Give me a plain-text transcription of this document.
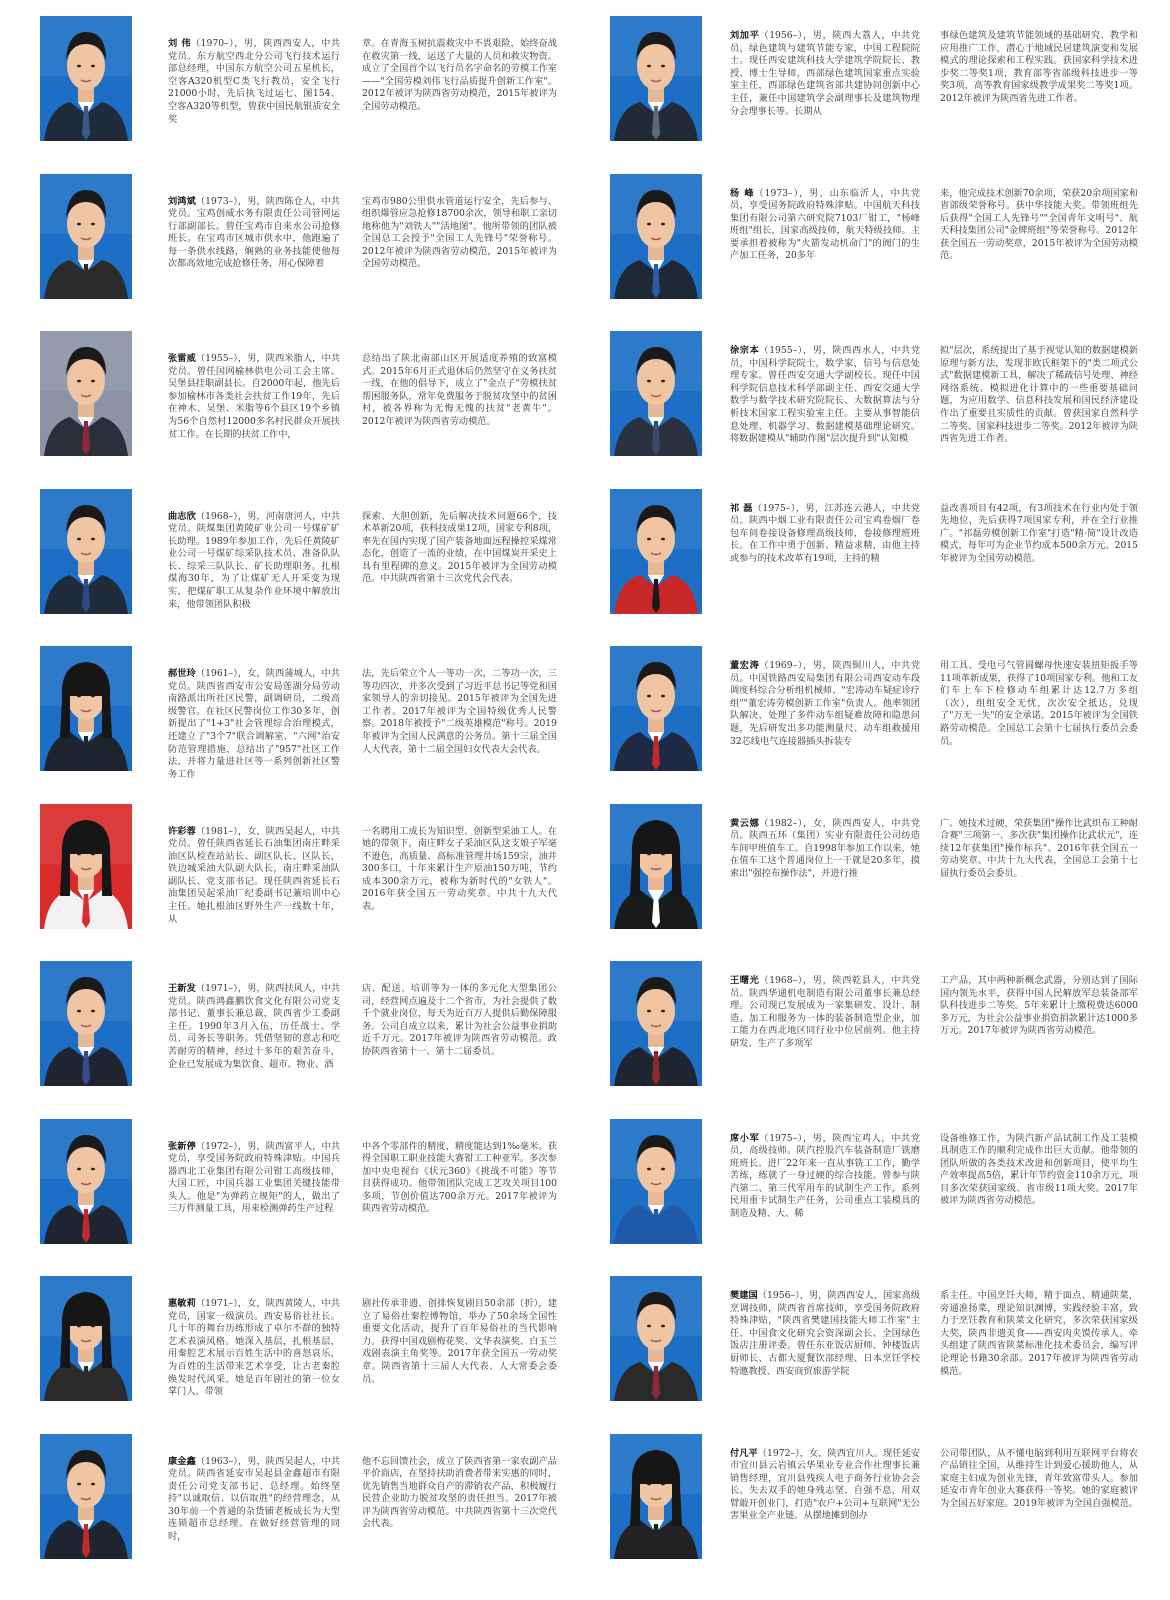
刘 伟（1970–），男，陕西西安人，中共党员。东方航空西北分公司飞行技术运行部总经理，中国东方航空公司五星机长，空客A320机型C类飞行教员，安全飞行21000小时，先后执飞过运七、图154、空客A320等机型，曾获中国民航银质安全奖
章。在青海玉树抗震救灾中不畏艰险，始终奋战在救灾第一线，运送了大量的人员和救灾物资。成立了全国首个以飞行员名字命名的劳模工作室——"全国劳模刘伟飞行品质提升创新工作室"。2012年被评为陕西省劳动模范，2015年被评为全国劳动模范。
刘加平（1956–），男，陕西大荔人，中共党员，绿色建筑与建筑节能专家，中国工程院院士。现任西安建筑科技大学建筑学院院长、教授、博士生导师，西部绿色建筑国家重点实验室主任，西部绿色建筑省部共建协同创新中心主任，兼任中国建筑学会副理事长及建筑物理分会理事长等。长期从
事绿色建筑及建筑节能领域的基础研究、教学和应用推广工作，潜心于地域民居建筑演变和发展模式的理论探索和工程实践。获国家科学技术进步奖二等奖1项，教育部等省部级科技进步一等奖3项，高等教育国家级教学成果奖二等奖1项。2012年被评为陕西省先进工作者。
刘鸿斌（1973–），男，陕西陈仓人，中共党员。宝鸡创威水务有限责任公司管网运行部副部长。曾任宝鸡市自来水公司抢修班长。在宝鸡市区城市供水中，他跑遍了每一条供水线路，娴熟的业务技能使他每次都高效地完成抢修任务，用心保障着
宝鸡市980公里供水管道运行安全，先后参与、组织爆管应急抢修18700余次，领导和职工亲切地称他为"刘铁人""活地图"。他所带领的团队被全国总工会授予"全国工人先锋号"荣誉称号。2012年被评为陕西省劳动模范，2015年被评为全国劳动模范。
杨 峰（1973–），男，山东临沂人，中共党员，享受国务院政府特殊津贴。中国航天科技集团有限公司第六研究院7103厂钳工，"杨峰班组"组长，国家高级技师，航天特级技师。主要承担着被称为"火箭发动机命门"的阀门的生产加工任务，20多年
来，他完成技术创新70余项，荣获20余项国家和省部级荣誉称号。获中华技能大奖。带领班组先后获得"全国工人先锋号""全国青年文明号"、航天科技集团公司"金牌班组"等荣誉称号。2012年获全国五一劳动奖章，2015年被评为全国劳动模范。
张雷威（1955–），男，陕西米脂人，中共党员。曾任国网榆林供电公司工会主席、吴堡县挂职副县长。自2000年起，他先后参加榆林市各类社会扶贫工作19年，先后在神木、吴堡、米脂等6个县区19个乡镇为56个自然村12000多名村民群众开展扶贫工作。在长期的扶贫工作中，
总结出了陕北南部山区开展适度养殖的致富模式。2015年6月正式退休后仍然坚守在义务扶贫一线，在他的倡导下，成立了"金点子"劳模扶贫帮困服务队，常年免费服务于脱贫攻坚中的贫困村，被各界称为无悔无愧的扶贫"老黄牛"。2012年被评为陕西省劳动模范。
徐宗本（1955–），男，陕西西水人，中共党员，中国科学院院士，数学家，信号与信息处理专家。曾任西安交通大学副校长。现任中国科学院信息技术科学部副主任、西安交通大学数学与数学技术研究院院长、大数据算法与分析技术国家工程实验室主任。主要从事智能信息处理、机器学习、数据建模基础理论研究。将数据建模从"辅助作图"层次提升到"认知模
拟"层次，系统提出了基于视觉认知的数据建模新原理与新方法，发现非欧氏框架下的"类二项式公式"数据建模新工具，解决了稀疏信号处理、神经网络系统、模拟进化计算中的一些重要基础问题，为应用数学、信息科技发展和国民经济建设作出了重要且实质性的贡献。曾获国家自然科学二等奖、国家科技进步二等奖。2012年被评为陕西省先进工作者。
曲志欣（1968–），男，河南唐河人，中共党员。陕煤集团黄陵矿业公司一号煤矿矿长助理。1989年参加工作，先后任黄陵矿业公司一号煤矿综采队技术员、准备队队长、综采三队队长、矿长助理职务。扎根煤海30年，为了让煤矿无人开采变为现实，把煤矿职工从复杂作业环境中解放出来，他带领团队积极
探索、大胆创新，先后解决技术问题66个，技术革新20项，获科技成果12项，国家专利8项，率先在国内实现了国产装备地面远程操控采煤常态化，创造了一流的业绩，在中国煤炭开采史上具有里程碑的意义。2015年被评为全国劳动模范。中共陕西省第十三次党代会代表。
祁 磊（1975–），男，江苏连云港人，中共党员。陕西中烟工业有限责任公司宝鸡卷烟厂卷包车间卷接设备修理高级技师，卷接修理班班长。在工作中勇于创新、精益求精，由他主持或参与的技术改革有19项，主持的精
益改善项目有42项，有3项技术在行业内处于领先地位，先后获得7项国家专利，并在全行业推广。"祁磊劳模创新工作室"打造"精·简"设计改造模式，每年可为企业节约成本500余万元。2015年被评为全国劳动模范。
郝世玲（1961–），女，陕西蒲城人，中共党员。陕西省西安市公安局莲湖分局劳动南路派出所社区民警，副调研员，二级高级警官。在社区民警岗位工作30多年，创新提出了"1+3"社会管理综合治理模式，还建立了"3个7"联合调解室、"六网"治安防范管理措施，总结出了"957"社区工作法，并将力量进社区等一系列创新社区警务工作
法，先后荣立个人一等功一次，二等功一次，三等功四次，并多次受到了习近平总书记等党和国家领导人的亲切接见。2015年被评为全国先进工作者。2017年被评为全国特级优秀人民警察。2018年被授予"二级英雄模范"称号。2019年被评为全国人民满意的公务员。第十三届全国人大代表，第十二届全国妇女代表大会代表。
董宏涛（1969–），男，陕西铜川人，中共党员。中国铁路西安局集团有限公司西安动车段调度科综合分析组机械师、"宏涛动车疑症诊疗组""董宏涛劳模创新工作室"负责人。他率领团队解决、处理了多件动车组疑难故障和隐患问题，先后研发出多功能测量尺、动车组救援用32芯线电气连接器插头拆装专
用工具、受电弓气管圆螺母快速安装扭矩扳手等11项革新成果，获得了10项国家专利。他和工友们车上车下检修动车组累计达12.7万多组（次），组组安全无忧，次次安全抵达，兑现了"万无一失"的安全承诺。2015年被评为全国铁路劳动模范。全国总工会第十七届执行委员会委员。
许彩蓉（1981–），女，陕西吴起人，中共党员。曾任陕西省延长石油集团南庄畔采油区队检查站站长、副区队长、区队长，铁边城采油大队副大队长，南庄畔采油队副队长、党支部书记。现任陕西省延长石油集团吴起采油厂纪委副书记兼培训中心主任。她扎根油区野外生产一线数十年，从
一名聘用工成长为知识型、创新型采油工人。在她的带领下，南庄畔女子采油区队这支娘子军毫不逊色，高质量、高标准管理井场159宗，油井300多口，十年来累计生产原油150万吨，节约成本300余万元，被称为新时代的"女铁人"。2016年获全国五一劳动奖章。中共十九大代表。
黄云娜（1982–），女，陕西西安人，中共党员。陕西五环（集团）实业有限责任公司纺造车间甲班值车工。自1998年参加工作以来，她在值车工这个普通岗位上一干就是20多年，摸索出"强控布操作法"，并进行推
广。她技术过硬，荣获集团"操作比武织布工种耐合赛"三项第一、多次获"集团操作比武状元"，连续12年获集团"操作标兵"。2016年获全国五一劳动奖章。中共十九大代表，全国总工会第十七届执行委员会委员。
王新发（1971–），男，陕西扶风人，中共党员。陕西鸿鑫鹏饮食文化有限公司党支部书记、董事长兼总裁，陕西省少工委副主任。1990年3月入伍，历任战士、学员、司务长等职务。凭借坚韧的意志和吃苦耐劳的精神，经过十多年的艰苦奋斗，企业已发展成为集饮食、超市、物业、酒
店、配送、培训等为一体的多元化大型集团公司，经营网点遍及十二个省市，为社会提供了数千个就业岗位，每天为近百万人提供后勤保障服务。公司自成立以来，累计为社会公益事业捐助近千万元。2017年被评为陕西省劳动模范。政协陕西省第十一、第十二届委员。
王曙光（1968–），男，陕西乾县人，中共党员。陕西华通机电制造有限公司董事长兼总经理。公司现已发展成为一家集研发、设计、制造、加工和服务为一体的装备制造型企业，加工能力在西北地区同行业中位居前列。他主持研发、生产了多项军
工产品，其中两种新概念武器，分别达到了国际国内领先水平，获得中国人民解放军总装备部军队科技进步二等奖。5年来累计上缴税费达6000多万元，为社会公益事业捐资捐款累计达1000多万元。2017年被评为陕西省劳动模范。
张新停（1972–），男，陕西富平人，中共党员，享受国务院政府特殊津贴。中国兵器西北工业集团有限公司钳工高级技师，大国工匠，中国兵器工业集团关键技能带头人。他是"为弹药立规矩"的人，做出了三万件测量工具，用来检测弹药生产过程
中各个零部件的精度，精度能达到1‰毫米。获得全国职工职业技能大赛钳工工种亚军。多次参加中央电视台《状元360》《挑战不可能》等节目获得成功。他带领团队完成工艺攻关项目100多项，节创价值达700余万元。2017年被评为陕西省劳动模范。
席小军（1975–），男，陕西宝鸡人，中共党员，高级技师。陕汽控股汽车装备制造厂铣磨班班长。进厂22年来一直从事铣工工作，勤学苦练，练就了一身过硬的综合技能。曾参与陕汽第二、第三代军用车的试制生产工作，系列民用重卡试制生产任务，公司重点工装模具的制造及精、大、稀
设备维修工作，为陕汽新产品试制工作及工装模具制造工作的顺利完成作出巨大贡献。他带领的团队所做的各类技术改进和创新项目，使平均生产效率提高5倍，累计年节约资金110余万元，项目多次荣获国家级、省市级11项大奖。2017年被评为陕西省劳动模范。
惠敏莉（1971–），女，陕西黄陵人，中共党员，国家一级演员。西安易俗社社长。几十年的舞台历练形成了卓尔不群的独特艺术表演风格。她深入基层，扎根基层，用秦腔艺术展示百姓生活中的喜怒哀乐，为百姓的生活带来艺术享受，让古老秦腔焕发时代风采。她是百年剧社的第一位女掌门人，带领
剧社传承非遗、创排恢复剧目50余部（折），建立了易俗社秦腔博物馆，举办了50余场全国性重要文化活动，提升了百年易俗社的当代影响力。获得中国戏剧梅花奖、文华表演奖、白玉兰戏剧表演主角奖等。2017年获全国五一劳动奖章。陕西省第十三届人大代表、人大常委会委员。
樊建国（1956–），男，陕西西安人，国家高级烹调技师，陕西省首席技师，享受国务院政府特殊津贴，"陕西省樊建国技能大师工作室"主任、中国食文化研究会资深副会长、全国绿色饭店注册评委。曾任东亚饭店厨师、钟楼饭店厨师长、古都大厦餐饮部经理、日本烹饪学校特邀教授、西安商贸旅游学院
系主任。中国烹饪大师，精于面点、精通陕菜，旁通准扬菜，理论知识渊博，实践经验丰富，致力于烹饪教育和陕菜文化研究，多次荣获国家级大奖，陕西非遗美食——西安肉夹馍传承人。牵头组建了陕西省陕菜标准化技术委员会，编写评论理论书籍30余部。2017年被评为陕西省劳动模范。
康金鑫（1963–），男，陕西吴起人，中共党员。陕西省延安市吴起县金鑫超市有限责任公司党支部书记、总经理。始终坚持"以诚取信、以信取胜"的经营理念，从30年前一个普通的杂货铺老板成长为大型连锁超市总经理。在做好经营管理的同时，
他不忘回馈社会，成立了陕西省第一家农副产品平价商店，在坚持扶助消费者带来实惠的同时，优先销售当地群众自产的滞销农产品，积极履行民营企业助力脱贫攻坚的责任担当。2017年被评为陕西省劳动模范。中共陕西省第十三次党代会代表。
付凡平（1972–），女，陕西宜川人。现任延安市宜川县云岩镇云华果业专业合作社理事长兼销售经理，宜川县残疾人电子商务行业协会会长。失去双手的她身残志坚、自强不息，用双臂敲开创业门，打造"农户+公司+互联网"无公害果业全产业链。从摆地摊到创办
公司带团队，从不懂电脑到利用互联网平台将农产品销往全国，从维持生计到爱心援助他人，从家庭主妇成为创业先锋，青年致富带头人。参加延安市青年创业大赛获得一等奖。她的家庭被评为全国五好家庭。2019年被评为全国自强模范。
